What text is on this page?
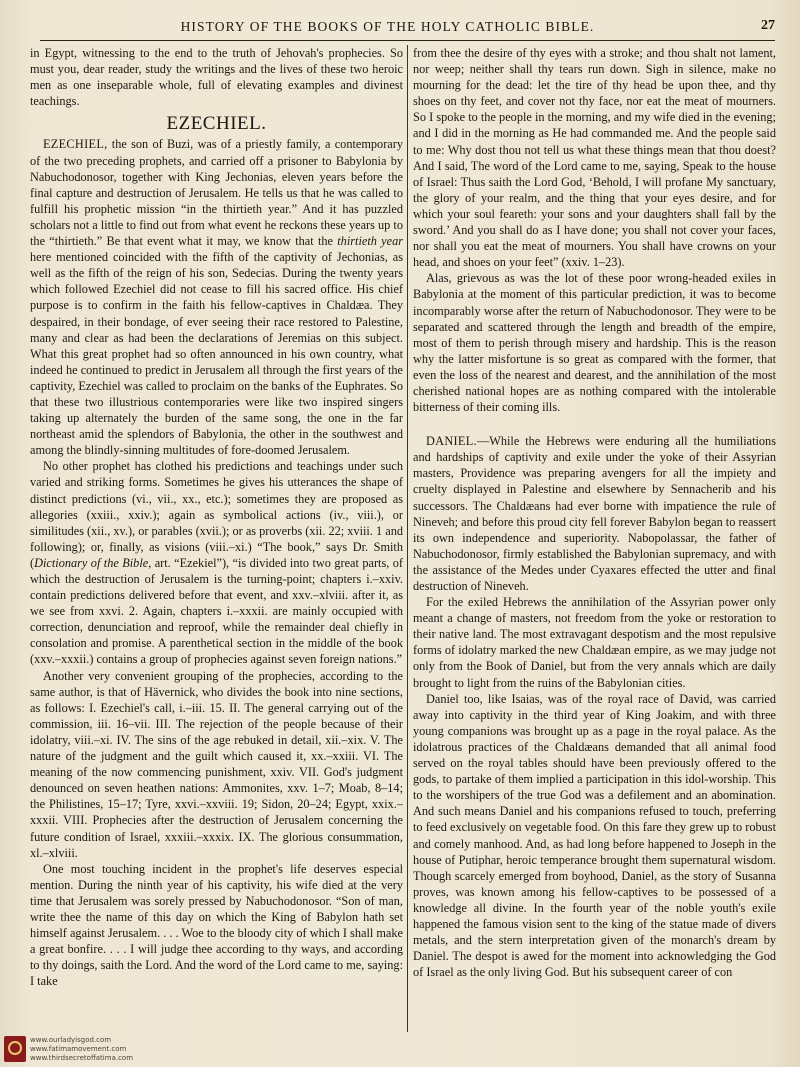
HISTORY OF THE BOOKS OF THE HOLY CATHOLIC BIBLE.	27

in Egypt, witnessing to the end to the truth of Jehovah's prophecies. So must you, dear reader, study the writings and the lives of these two heroic men as one inseparable whole, full of elevating examples and divinest teachings.

EZECHIEL.

EZECHIEL, the son of Buzi, was of a priestly family, a contemporary of the two preceding prophets, and carried off a prisoner to Babylonia by Nabuchodonosor, together with King Jechonias, eleven years before the final capture and destruction of Jerusalem. He tells us that he was called to fulfill his prophetic mission “in the thirtieth year.” And it has puzzled scholars not a little to find out from what event he reckons these years up to the “thirtieth.” Be that event what it may, we know that the thirtieth year here mentioned coincided with the fifth of the captivity of Jechonias, as well as the fifth of the reign of his son, Sedecias. During the twenty years which followed Ezechiel did not cease to fill his sacred office. His chief purpose is to confirm in the faith his fellow-captives in Chaldæa. They despaired, in their bondage, of ever seeing their race restored to Palestine, many and clear as had been the declarations of Jeremias on this subject. What this great prophet had so often announced in his own country, what indeed he continued to predict in Jerusalem all through the first years of the captivity, Ezechiel was called to proclaim on the banks of the Euphrates. So that these two illustrious contemporaries were like two inspired singers taking up alternately the burden of the same song, the one in the far northeast amid the splendors of Babylonia, the other in the southwest and among the blindly-sinning multitudes of fore-doomed Jerusalem.

No other prophet has clothed his predictions and teachings under such varied and striking forms. Sometimes he gives his utterances the shape of distinct predictions (vi., vii., xx., etc.); sometimes they are proposed as allegories (xxiii., xxiv.); again as symbolical actions (iv., viii.), or similitudes (xii., xv.), or parables (xvii.); or as proverbs (xii. 22; xviii. 1 and following); or, finally, as visions (viii.–xi.) “The book,” says Dr. Smith (Dictionary of the Bible, art. “Ezekiel”), “is divided into two great parts, of which the destruction of Jerusalem is the turning-point; chapters i.–xxiv. contain predictions delivered before that event, and xxv.–xlviii. after it, as we see from xxvi. 2. Again, chapters i.–xxxii. are mainly occupied with correction, denunciation and reproof, while the remainder deal chiefly in consolation and promise. A parenthetical section in the middle of the book (xxv.–xxxii.) contains a group of prophecies against seven foreign nations.”

Another very convenient grouping of the prophecies, according to the same author, is that of Hävernick, who divides the book into nine sections, as follows: I. Ezechiel's call, i.–iii. 15. II. The general carrying out of the commission, iii. 16–vii. III. The rejection of the people because of their idolatry, viii.–xi. IV. The sins of the age rebuked in detail, xii.–xix. V. The nature of the judgment and the guilt which caused it, xx.–xxiii. VI. The meaning of the now commencing punishment, xxiv. VII. God's judgment denounced on seven heathen nations: Ammonites, xxv. 1–7; Moab, 8–14; the Philistines, 15–17; Tyre, xxvi.–xxviii. 19; Sidon, 20–24; Egypt, xxix.–xxxii. VIII. Prophecies after the destruction of Jerusalem concerning the future condition of Israel, xxxiii.–xxxix. IX. The glorious consummation, xl.–xlviii.

One most touching incident in the prophet's life deserves especial mention. During the ninth year of his captivity, his wife died at the very time that Jerusalem was sorely pressed by Nabuchodonosor. “Son of man, write thee the name of this day on which the King of Babylon hath set himself against Jerusalem. . . . Woe to the bloody city of which I shall make a great bonfire. . . . I will judge thee according to thy ways, and according to thy doings, saith the Lord. And the word of the Lord came to me, saying: I take

from thee the desire of thy eyes with a stroke; and thou shalt not lament, nor weep; neither shall thy tears run down. Sigh in silence, make no mourning for the dead: let the tire of thy head be upon thee, and thy shoes on thy feet, and cover not thy face, nor eat the meat of mourners. So I spoke to the people in the morning, and my wife died in the evening; and I did in the morning as He had commanded me. And the people said to me: Why dost thou not tell us what these things mean that thou doest? And I said, The word of the Lord came to me, saying, Speak to the house of Israel: Thus saith the Lord God, ‘Behold, I will profane My sanctuary, the glory of your realm, and the thing that your eyes desire, and for which your soul feareth: your sons and your daughters shall fall by the sword.’ And you shall do as I have done; you shall not cover your faces, nor shall you eat the meat of mourners. You shall have crowns on your head, and shoes on your feet” (xxiv. 1–23).

Alas, grievous as was the lot of these poor wrong-headed exiles in Babylonia at the moment of this particular prediction, it was to become incomparably worse after the return of Nabuchodonosor. They were to be separated and scattered through the length and breadth of the empire, most of them to perish through misery and hardship. This is the reason why the latter misfortune is so great as compared with the former, that even the loss of the nearest and dearest, and the annihilation of the most cherished national hopes are as nothing compared with the intolerable bitterness of their coming ills.

DANIEL.—While the Hebrews were enduring all the humiliations and hardships of captivity and exile under the yoke of their Assyrian masters, Providence was preparing avengers for all the impiety and cruelty displayed in Palestine and elsewhere by Sennacherib and his successors. The Chaldæans had ever borne with impatience the rule of Nineveh; and before this proud city fell forever Babylon began to reassert its own independence and superiority. Nabopolassar, the father of Nabuchodonosor, firmly established the Babylonian supremacy, and with the assistance of the Medes under Cyaxares effected the utter and final destruction of Nineveh.

For the exiled Hebrews the annihilation of the Assyrian power only meant a change of masters, not freedom from the yoke or restoration to their native land. The most extravagant despotism and the most repulsive forms of idolatry marked the new Chaldæan empire, as we may judge not only from the Book of Daniel, but from the very annals which are daily brought to light from the ruins of the Babylonian cities.

Daniel too, like Isaias, was of the royal race of David, was carried away into captivity in the third year of King Joakim, and with three young companions was brought up as a page in the royal palace. As the idolatrous practices of the Chaldæans demanded that all animal food served on the royal tables should have been previously offered to the gods, to partake of them implied a participation in this idol-worship. This to the worshipers of the true God was a defilement and an abomination. And such means Daniel and his companions refused to touch, preferring to feed exclusively on vegetable food. On this fare they grew up to robust and comely manhood. And, as had long before happened to Joseph in the house of Putiphar, heroic temperance brought them supernatural wisdom. Though scarcely emerged from boyhood, Daniel, as the story of Susanna proves, was known among his fellow-captives to be possessed of a knowledge all divine. In the fourth year of the noble youth's exile happened the famous vision sent to the king of the statue made of divers metals, and the stern interpretation given of the monarch's dream by Daniel. The despot is awed for the moment into acknowledging the God of Israel as the only living God. But his subsequent career of con

www.ourladyisgod.com
www.fatimamovement.com
www.thirdsecretoffatima.com
